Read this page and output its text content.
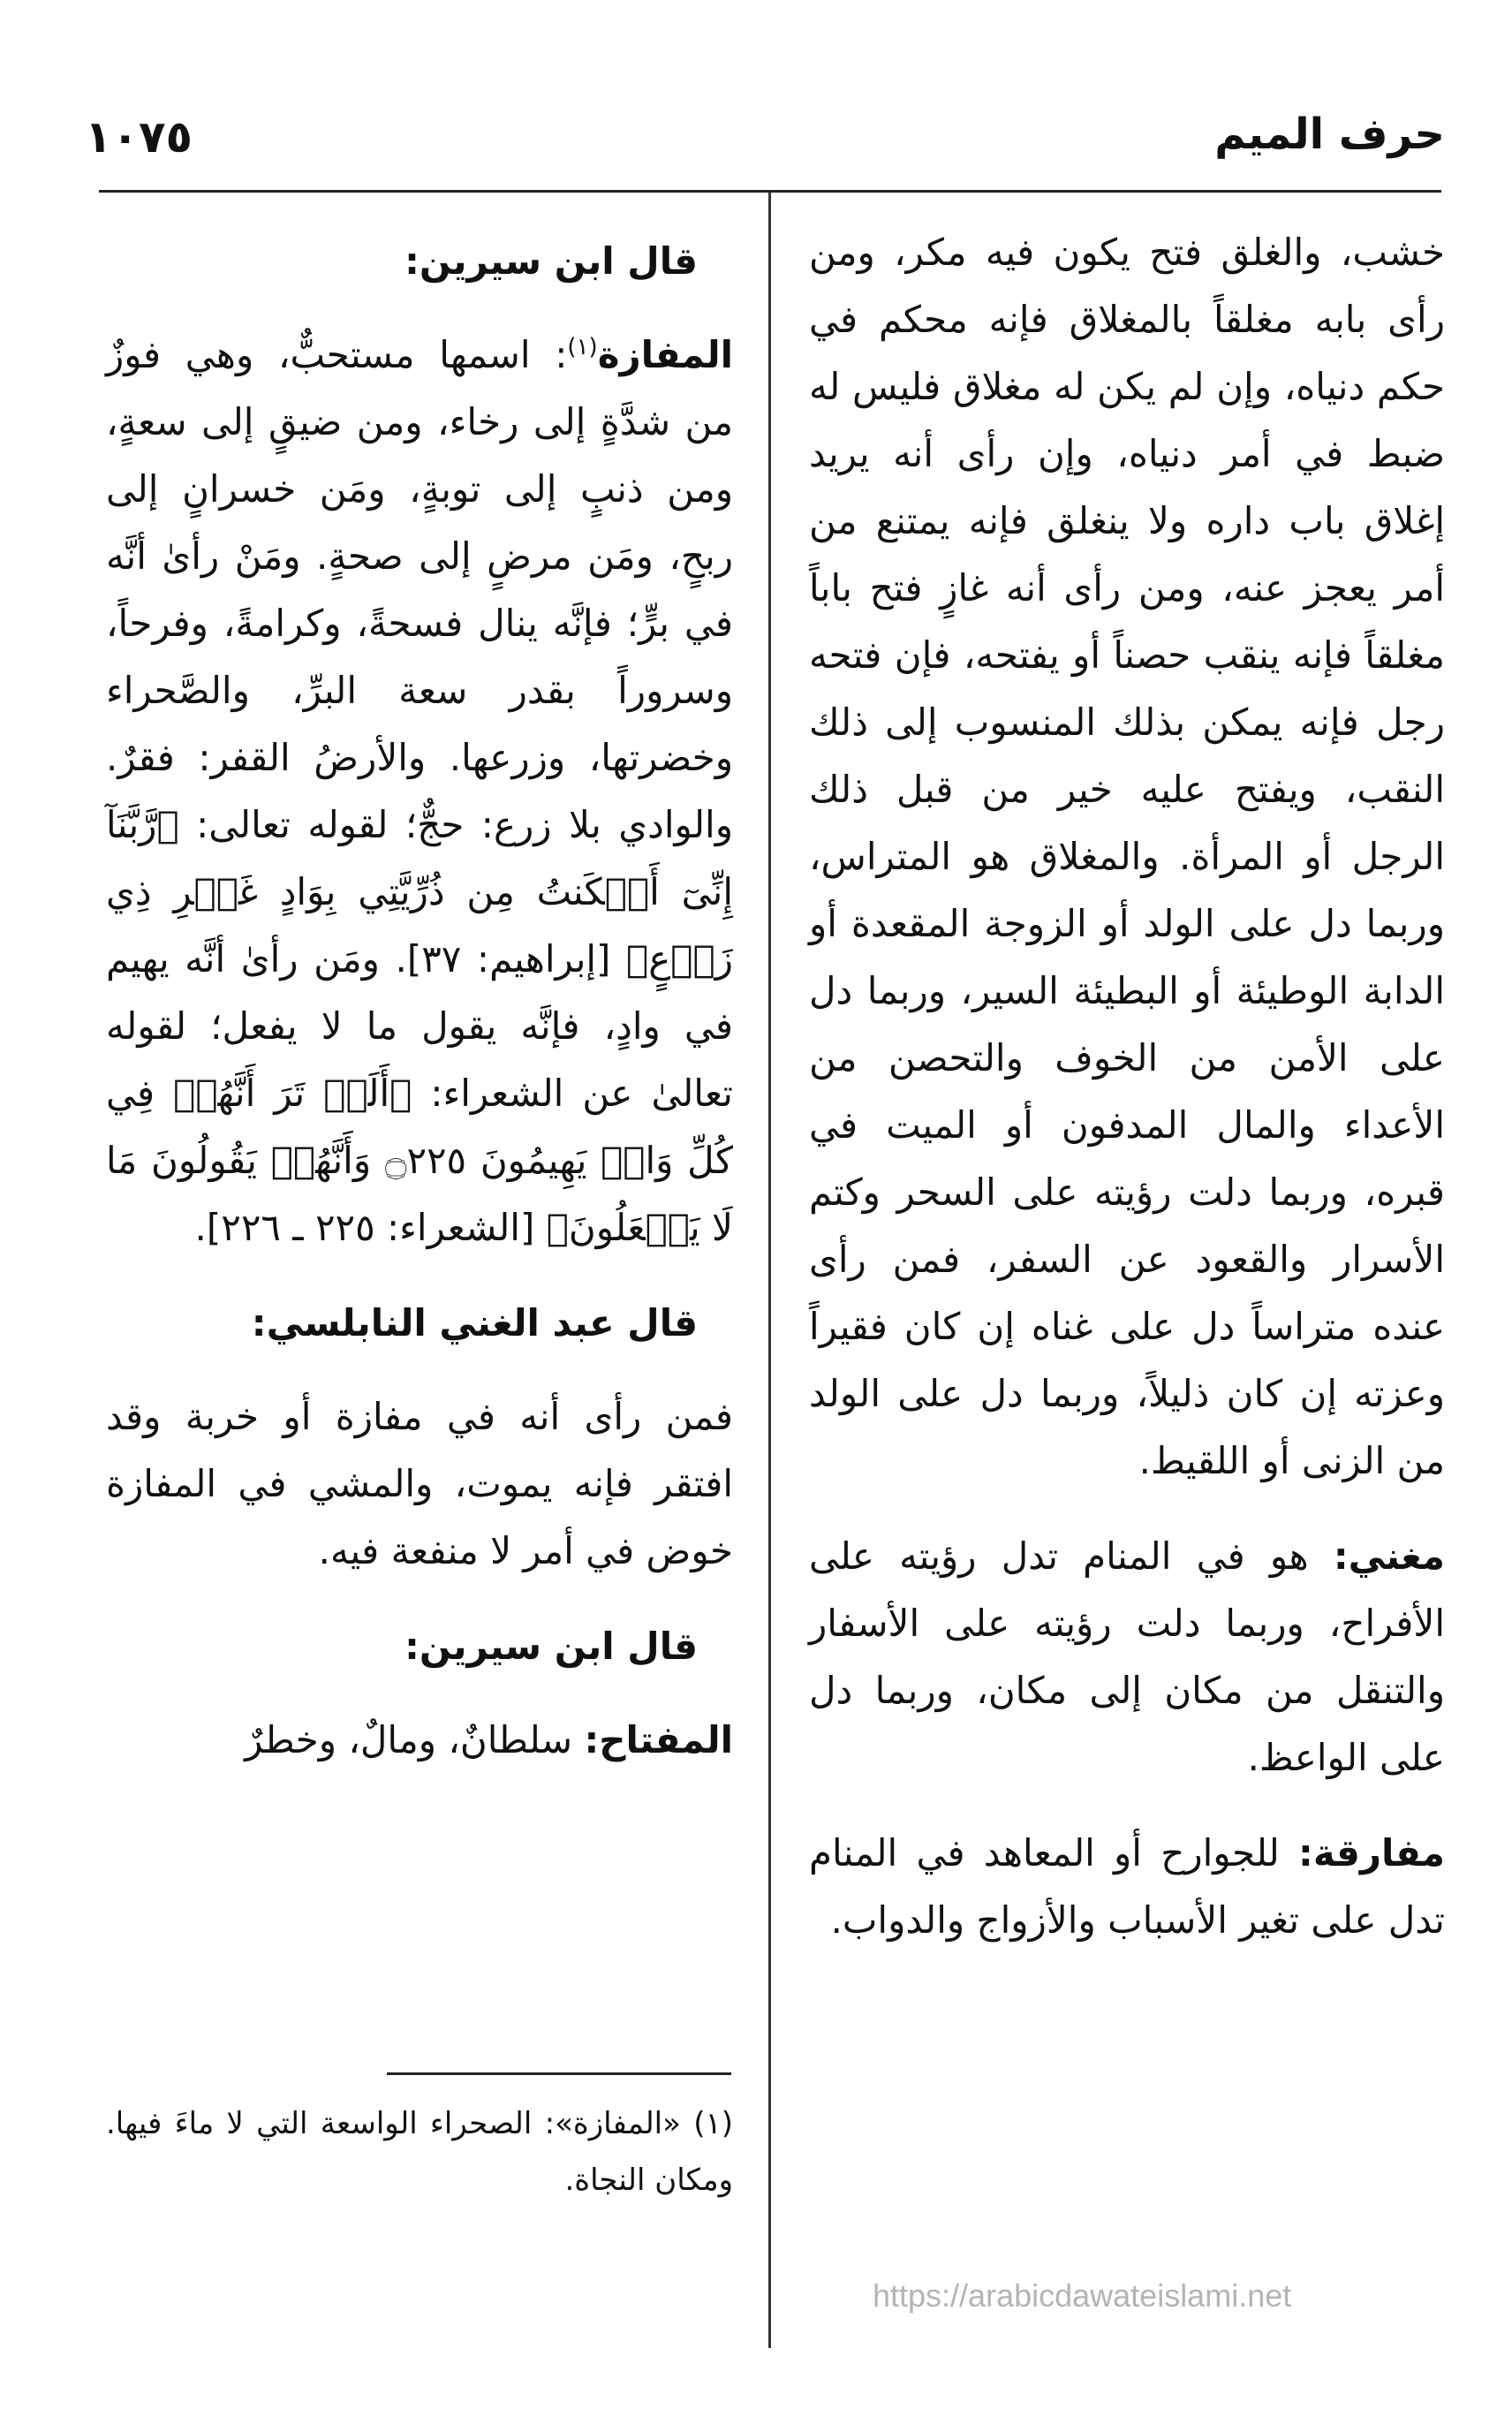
١٠٧٥	حرف الميم

خشب، والغلق فتح يكون فيه مكر، ومن رأى بابه مغلقاً بالمغلاق فإنه محكم في حكم دنياه، وإن لم يكن له مغلاق فليس له ضبط في أمر دنياه، وإن رأى أنه يريد إغلاق باب داره ولا ينغلق فإنه يمتنع من أمر يعجز عنه، ومن رأى أنه غازٍ فتح باباً مغلقاً فإنه ينقب حصناً أو يفتحه، فإن فتحه رجل فإنه يمكن بذلك المنسوب إلى ذلك النقب، ويفتح عليه خير من قبل ذلك الرجل أو المرأة. والمغلاق هو المتراس، وربما دل على الولد أو الزوجة المقعدة أو الدابة الوطيئة أو البطيئة السير، وربما دل على الأمن من الخوف والتحصن من الأعداء والمال المدفون أو الميت في قبره، وربما دلت رؤيته على السحر وكتم الأسرار والقعود عن السفر، فمن رأى عنده متراساً دل على غناه إن كان فقيراً وعزته إن كان ذليلاً، وربما دل على الولد من الزنى أو اللقيط.

مغني: هو في المنام تدل رؤيته على الأفراح، وربما دلت رؤيته على الأسفار والتنقل من مكان إلى مكان، وربما دل على الواعظ.

مفارقة: للجوارح أو المعاهد في المنام تدل على تغير الأسباب والأزواج والدواب.

قال ابن سيرين:

المفازة$^{(١)}$: اسمها مستحبٌّ، وهي فوزٌ من شدَّةٍ إلى رخاء، ومن ضيقٍ إلى سعةٍ، ومن ذنبٍ إلى توبةٍ، ومَن خسرانٍ إلى ربحٍ، ومَن مرضٍ إلى صحةٍ. ومَنْ رأىٰ أنَّه في برٍّ؛ فإنَّه ينال فسحةً، وكرامةً، وفرحاً، وسروراً بقدر سعة البرِّ، والصَّحراء وخضرتها، وزرعها. والأرضُ القفر: فقرٌ. والوادي بلا زرع: حجٌّ؛ لقوله تعالى: ﴿رَّبَّنَآ إِنِّىٓ أَسۡكَنتُ مِن ذُرِّيَّتِي بِوَادٍ غَيۡرِ ذِي زَرۡعٍ﴾ [إبراهيم: ٣٧]. ومَن رأىٰ أنَّه يهيم في وادٍ، فإنَّه يقول ما لا يفعل؛ لقوله تعالىٰ عن الشعراء: ﴿أَلَمۡ تَرَ أَنَّهُمۡ فِي كُلِّ وَادٖ يَهِيمُونَ ۝٢٢٥ وَأَنَّهُمۡ يَقُولُونَ مَا لَا يَفۡعَلُونَ﴾ [الشعراء: ٢٢٥ ـ ٢٢٦].

قال عبد الغني النابلسي:

فمن رأى أنه في مفازة أو خربة وقد افتقر فإنه يموت، والمشي في المفازة خوض في أمر لا منفعة فيه.

قال ابن سيرين:

المفتاح: سلطانٌ، ومالٌ، وخطرٌ

(١) «المفازة»: الصحراء الواسعة التي لا ماءَ فيها. ومكان النجاة.

https://arabicdawateislami.net
